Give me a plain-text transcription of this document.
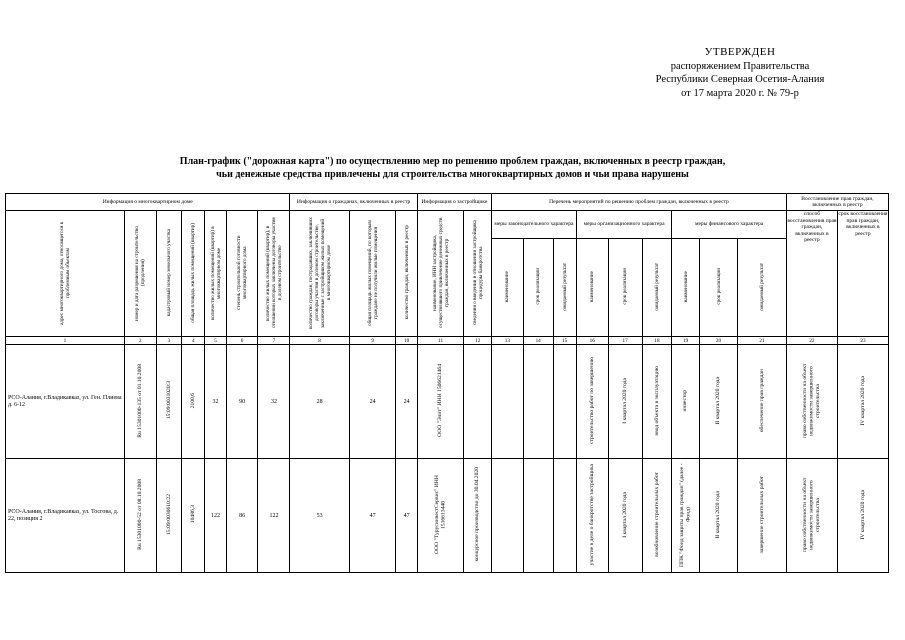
УТВЕРЖДЕН
распоряжением Правительства
Республики Северная Осетия-Алания
от 17 марта 2020 г. № 79-р
План-график ("дорожная карта") по осуществлению мер по решению проблем граждан, включенных в реестр граждан,
чьи денежные средства привлечены для строительства многоквартирных домов и чьи права нарушены
Информация о многоквартирном доме							Информация о гражданах, включенных в реестр			Информация о застройщике		Перечень мероприятий по решению проблем граждан, включенных в реестр									Восстановление прав граждан, включенных в реестр	
адрес многоквартирного дома, относящегося к проблемным объектам	номер и дата разрешения на строительство (продления)	кадастровый номер земельного участка	общая площадь жилых помещений (квартир)	количество жилых помещений (квартир) в многоквартирном доме	степень строительной готовности многоквартирного дома	количество жилых помещений (квартир), в отношении которых заключены договоры участия в долевом строительстве	количество граждан, пострадавших, заключивших договоры участия в долевом строительстве, заключенные с застройщиком жилых помещений в многоквартирном доме	общая площадь жилых помещений, по которым граждане не получили жилые помещения	количество граждан, включенных в реестр	наименование, ИНН застройщика, осуществлявшего привлечение денежных средств граждан, включенных в реестр	сведения о введении в отношении застройщика процедуры банкротства	меры законодательного характера			меры организационного характера			меры финансового характера			способ восстановления прав граждан, включенных в реестр	срок восстановления прав граждан, включенных в реестр
												наименование	срок реализации	ожидаемый результат	наименование	срок реализации	ожидаемый результат	наименование	срок реализации	ожидаемый результат		
1	2	3	4	5	6	7	8	9	10	11	12	13	14	15	16	17	18	19	20	21	22	23
РСО-Алания, г.Владикавказ, ул. Ген. Плиева д. 6-12	Ru 15301000-135 от 01.10.2008	15:09:0031020:3	2100,6	32	90	32	28	24	24	ООО "Элит" ИНН 1506621464					строительство работ по завершению	I квартал 2020 года	ввод объекта в эксплуатацию	инвестор	II квартал 2020 года	обеспечение прав граждан	право собственности на объект недвижимости завершенного строительства	IV квартал 2020 года
РСО-Алания, г.Владикавказ, ул. Тосгова, д. 22, позиция 2	Ru 15301000-52 от 08.10.2008	15:09:0030610:22	10486,3	122	86	122	53	47	47	ООО "ТурусинвестСервис" ИНН 1516613440	конкурсное производство до 30.04.2020				участие в деле о банкротстве застройщика	I квартал 2020 года	возобновление строительных работ	ППК "Фонд защиты прав граждан" (далее - Фонд)	II квартал 2020 года	завершение строительных работ	право собственности на объект недвижимости завершенного строительства	IV квартал 2020 года
